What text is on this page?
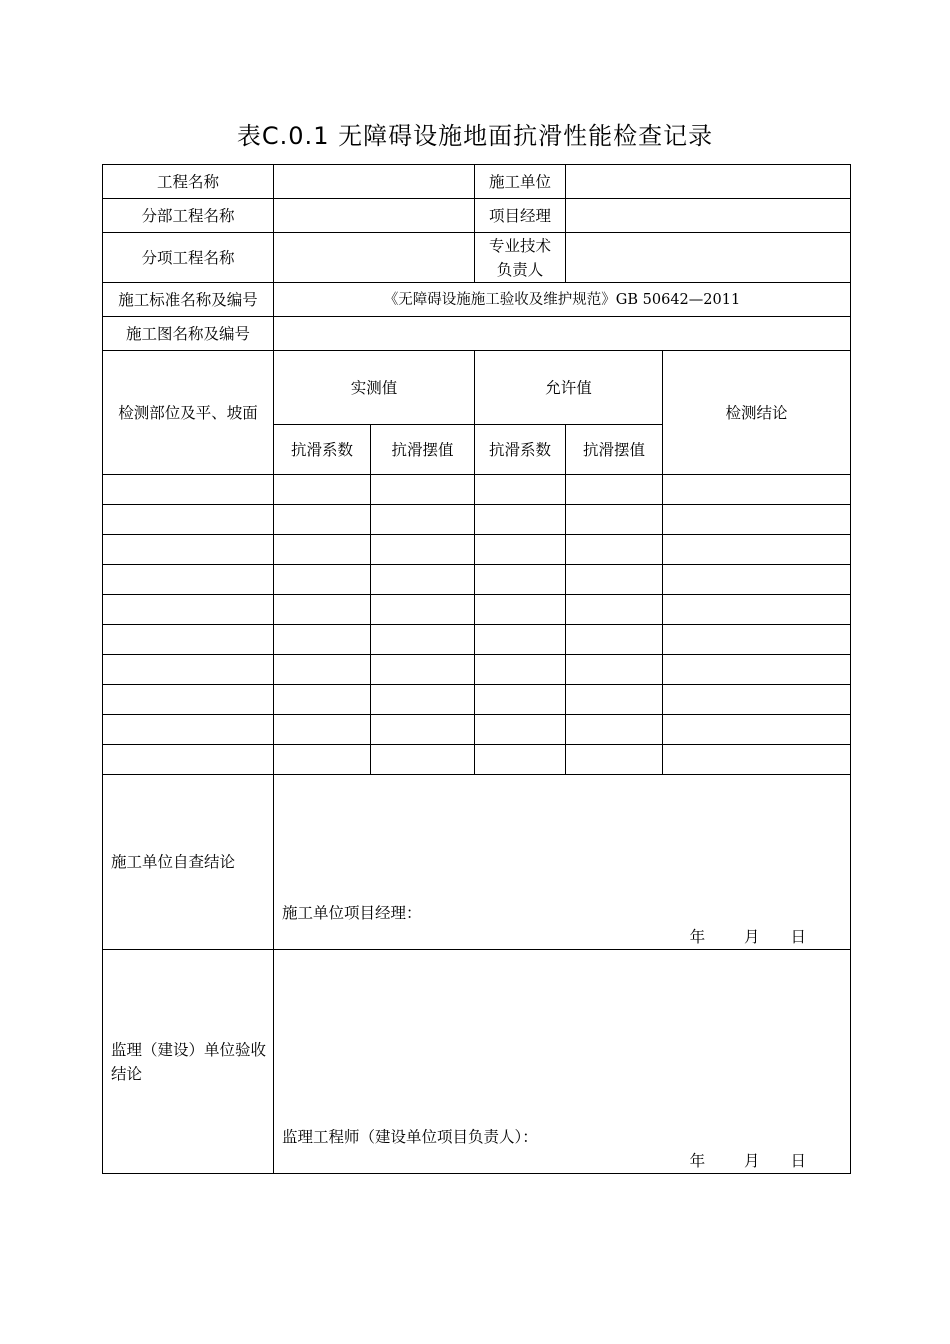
表C.0.1 无障碍设施地面抗滑性能检查记录
工程名称			施工单位		
分部工程名称			项目经理		
分项工程名称			专业技术
负责人		

施工标准名称及编号	《无障碍设施施工验收及维护规范》GB 50642—2011				
施工图名称及编号					
检测部位及平、坡面	实测值		允许值		检测结论
	抗滑系数	抗滑摆值	抗滑系数	抗滑摆值	

施工单位自查结论	施工单位项目经理：
年 月 日				

监理（建设）单位验收结论	监理工程师（建设单位项目负责人）：
年 月 日				
